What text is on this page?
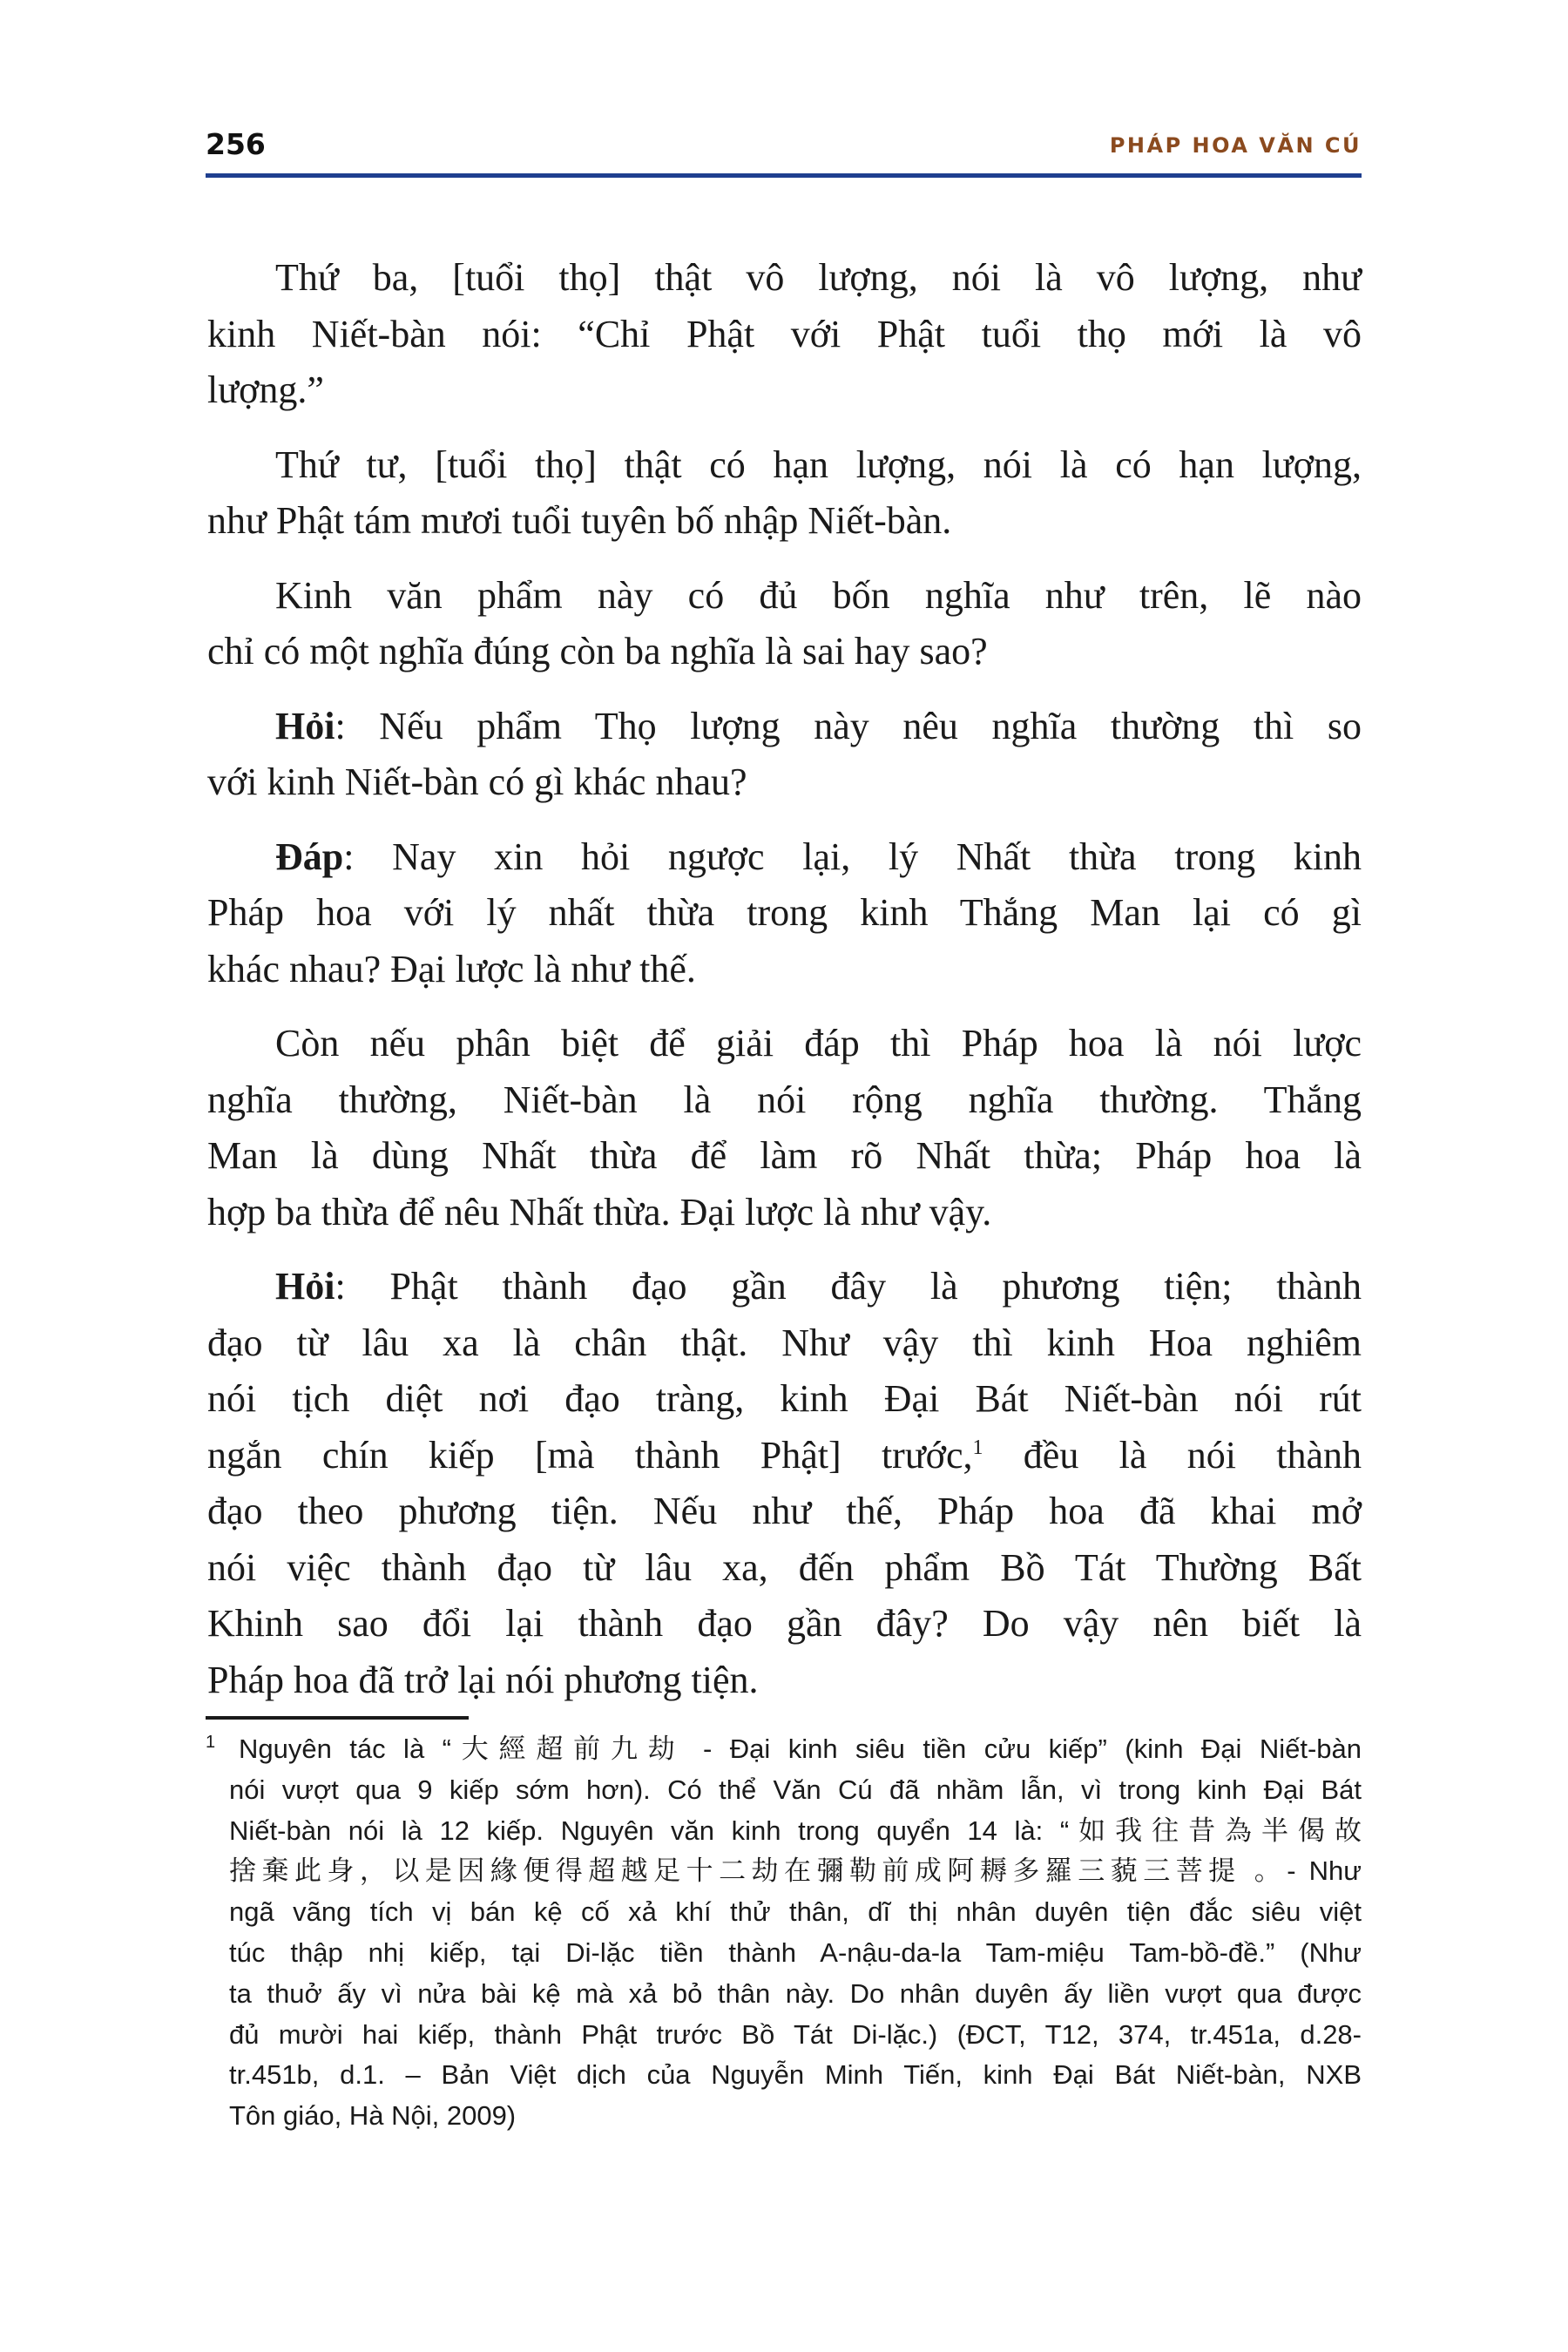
256	PHÁP HOA VĂN CÚ
Thứ ba, [tuổi thọ] thật vô lượng, nói là vô lượng, như
kinh Niết-bàn nói: “Chỉ Phật với Phật tuổi thọ mới là vô
lượng.”
Thứ tư, [tuổi thọ] thật có hạn lượng, nói là có hạn lượng,
như Phật tám mươi tuổi tuyên bố nhập Niết-bàn.
Kinh văn phẩm này có đủ bốn nghĩa như trên, lẽ nào
chỉ có một nghĩa đúng còn ba nghĩa là sai hay sao?
Hỏi: Nếu phẩm Thọ lượng này nêu nghĩa thường thì so
với kinh Niết-bàn có gì khác nhau?
Đáp: Nay xin hỏi ngược lại, lý Nhất thừa trong kinh
Pháp hoa với lý nhất thừa trong kinh Thắng Man lại có gì
khác nhau? Đại lược là như thế.
Còn nếu phân biệt để giải đáp thì Pháp hoa là nói lược
nghĩa thường, Niết-bàn là nói rộng nghĩa thường. Thắng
Man là dùng Nhất thừa để làm rõ Nhất thừa; Pháp hoa là
hợp ba thừa để nêu Nhất thừa. Đại lược là như vậy.
Hỏi: Phật thành đạo gần đây là phương tiện; thành
đạo từ lâu xa là chân thật. Như vậy thì kinh Hoa nghiêm
nói tịch diệt nơi đạo tràng, kinh Đại Bát Niết-bàn nói rút
ngắn chín kiếp [mà thành Phật] trước,$^1$ đều là nói thành
đạo theo phương tiện. Nếu như thế, Pháp hoa đã khai mở
nói việc thành đạo từ lâu xa, đến phẩm Bồ Tát Thường Bất
Khinh sao đổi lại thành đạo gần đây? Do vậy nên biết là
Pháp hoa đã trở lại nói phương tiện.
1 Nguyên tác là “大經超前九劫 - Đại kinh siêu tiền cửu kiếp” (kinh Đại Niết-bàn
nói vượt qua 9 kiếp sớm hơn). Có thể Văn Cú đã nhầm lẫn, vì trong kinh Đại Bát
Niết-bàn nói là 12 kiếp. Nguyên văn kinh trong quyển 14 là: “如我往昔為半偈故
捨棄此身，以是因緣便得超越足十二劫在彌勒前成阿耨多羅三藐三菩提 。- Như
ngã vãng tích vị bán kệ cố xả khí thử thân, dĩ thị nhân duyên tiện đắc siêu việt
túc thập nhị kiếp, tại Di-lặc tiền thành A-nậu-da-la Tam-miệu Tam-bồ-đề.” (Như
ta thuở ấy vì nửa bài kệ mà xả bỏ thân này. Do nhân duyên ấy liền vượt qua được
đủ mười hai kiếp, thành Phật trước Bồ Tát Di-lặc.) (ĐCT, T12, 374, tr.451a, d.28-
tr.451b, d.1. – Bản Việt dịch của Nguyễn Minh Tiến, kinh Đại Bát Niết-bàn, NXB
Tôn giáo, Hà Nội, 2009)
